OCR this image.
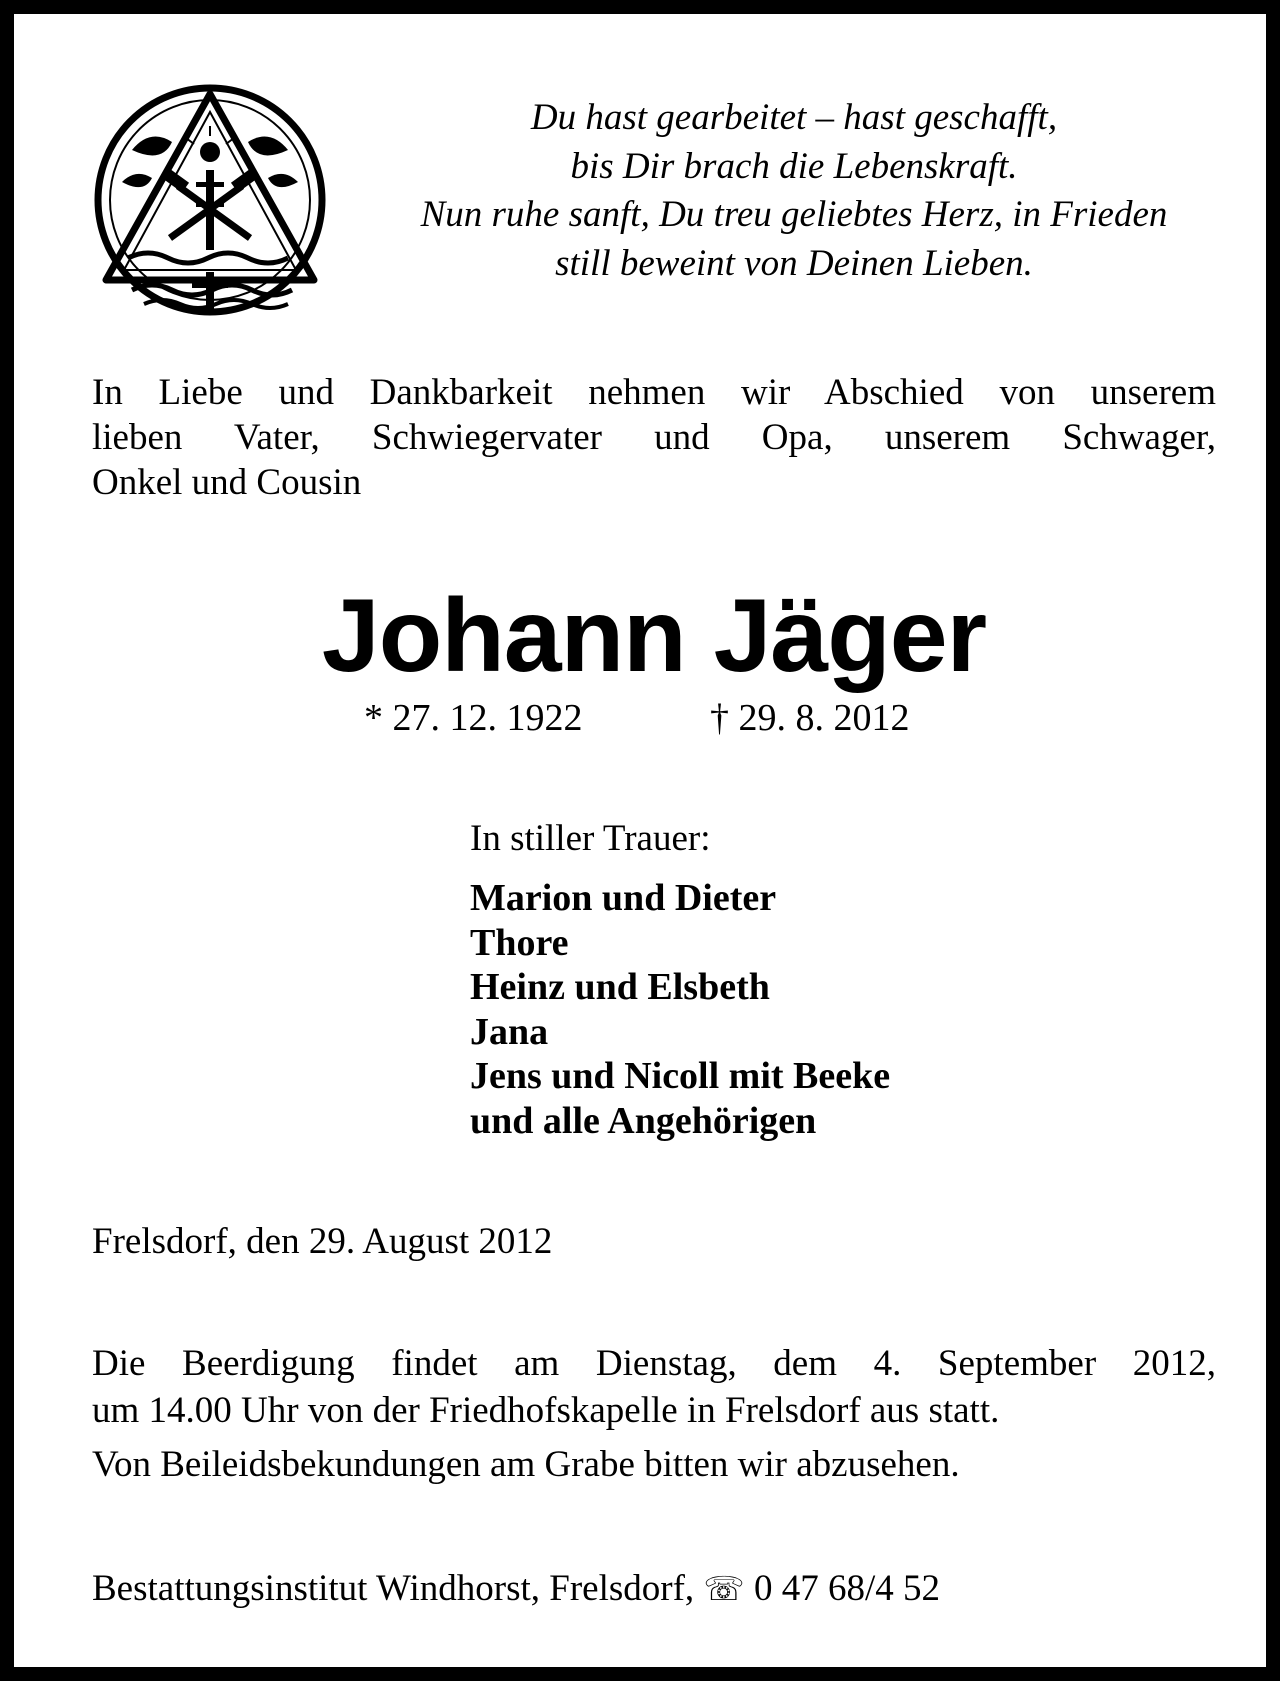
Du hast gearbeitet – hast geschafft,
bis Dir brach die Lebenskraft.
Nun ruhe sanft, Du treu geliebtes Herz, in Frieden
still beweint von Deinen Lieben.
In Liebe und Dankbarkeit nehmen wir Abschied von unserem
lieben Vater, Schwiegervater und Opa, unserem Schwager,
Onkel und Cousin
Johann Jäger
* 27. 12. 1922	† 29. 8. 2012
In stiller Trauer:
Marion und Dieter
Thore
Heinz und Elsbeth
Jana
Jens und Nicoll mit Beeke
und alle Angehörigen
Frelsdorf, den 29. August 2012
Die Beerdigung findet am Dienstag, dem 4. September 2012,
um 14.00 Uhr von der Friedhofskapelle in Frelsdorf aus statt.
Von Beileidsbekundungen am Grabe bitten wir abzusehen.
Bestattungsinstitut Windhorst, Frelsdorf, ☏ 0 47 68/4 52
